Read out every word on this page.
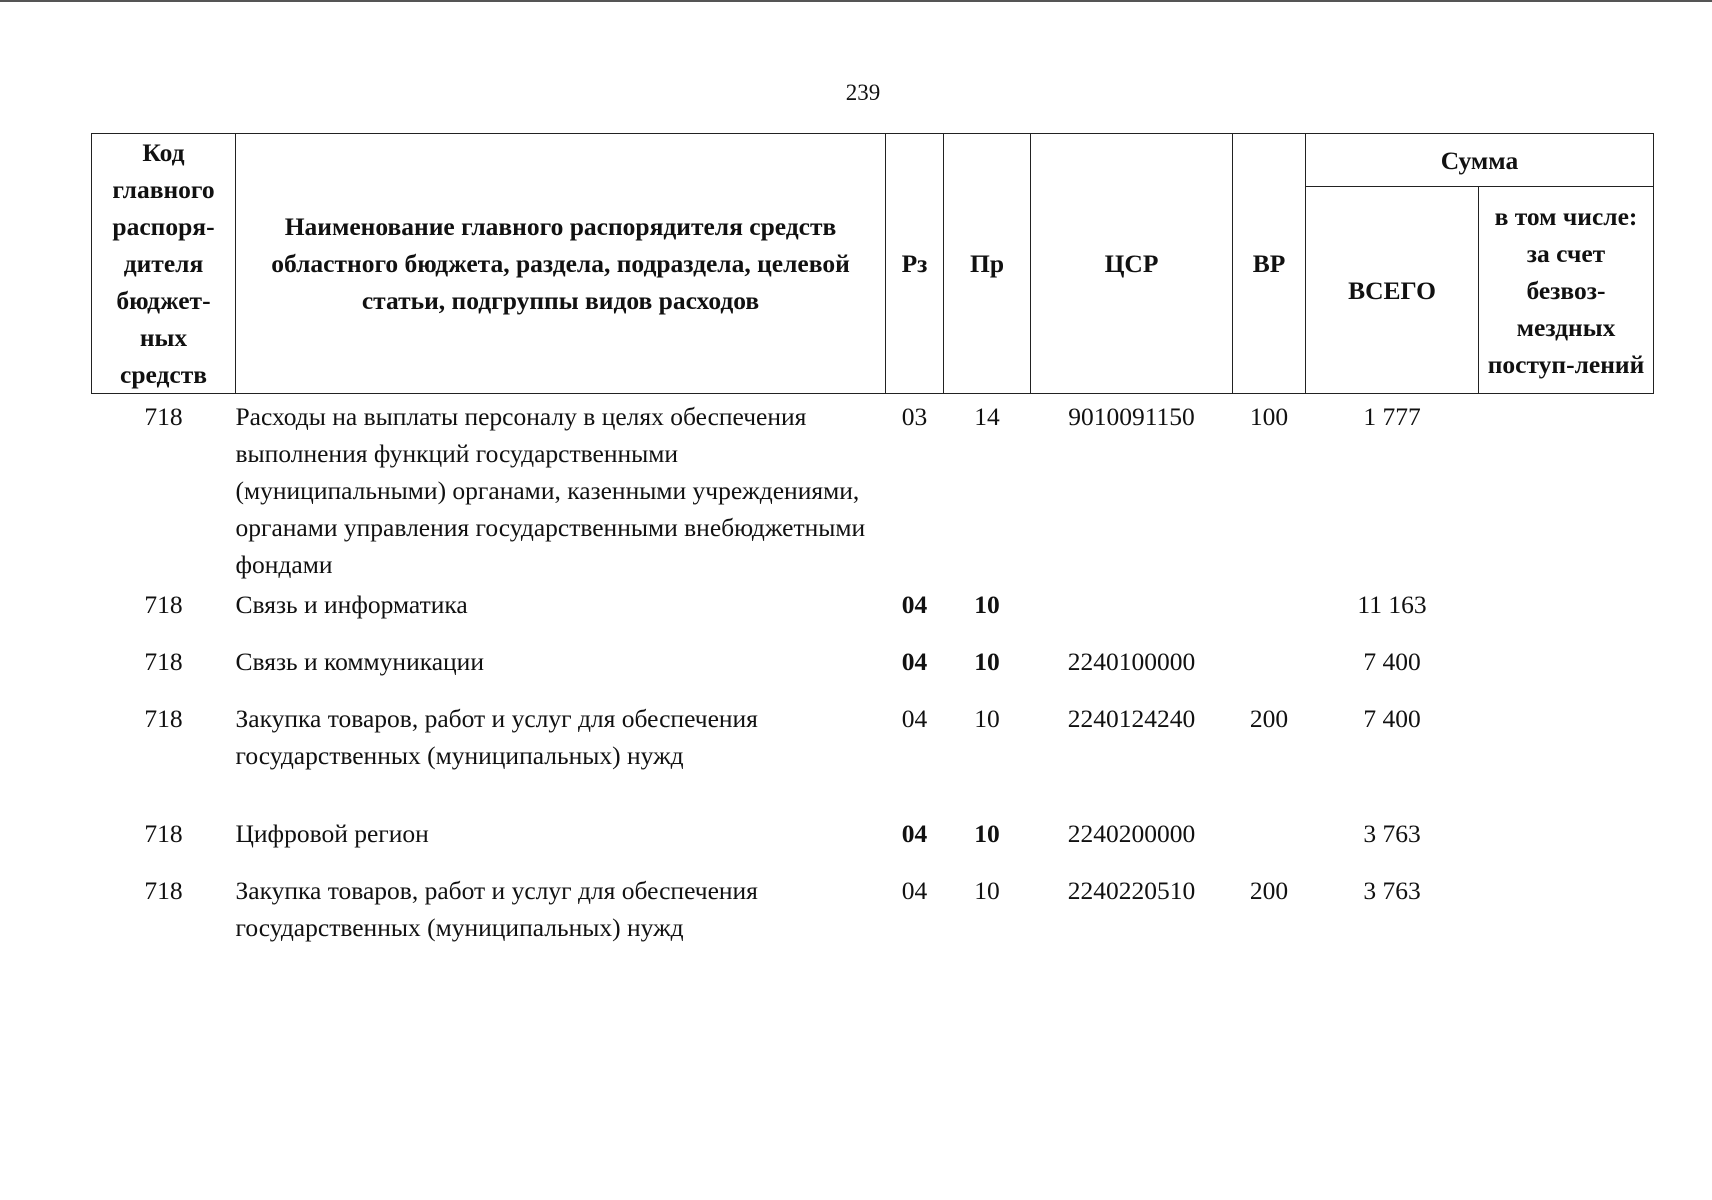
239
Код главного распоря-дителя бюджет-ных средств	Наименование главного распорядителя средств областного бюджета, раздела, подраздела, целевой статьи, подгруппы видов расходов	Рз	Пр	ЦСР	ВР	Сумма	
						ВСЕГО	в том числе: за счет безвоз-мездных поступ-лений
718	Расходы на выплаты персоналу в целях обеспечения выполнения функций государственными (муниципальными) органами, казенными учреждениями, органами управления государственными внебюджетными фондами	03	14	9010091150	100	1 777	
718	Связь и информатика	04	10			11 163	
718	Связь и коммуникации	04	10	2240100000		7 400	
718	Закупка товаров, работ и услуг для обеспечения государственных (муниципальных) нужд	04	10	2240124240	200	7 400	
718	Цифровой регион	04	10	2240200000		3 763	
718	Закупка товаров, работ и услуг для обеспечения государственных (муниципальных) нужд	04	10	2240220510	200	3 763	
